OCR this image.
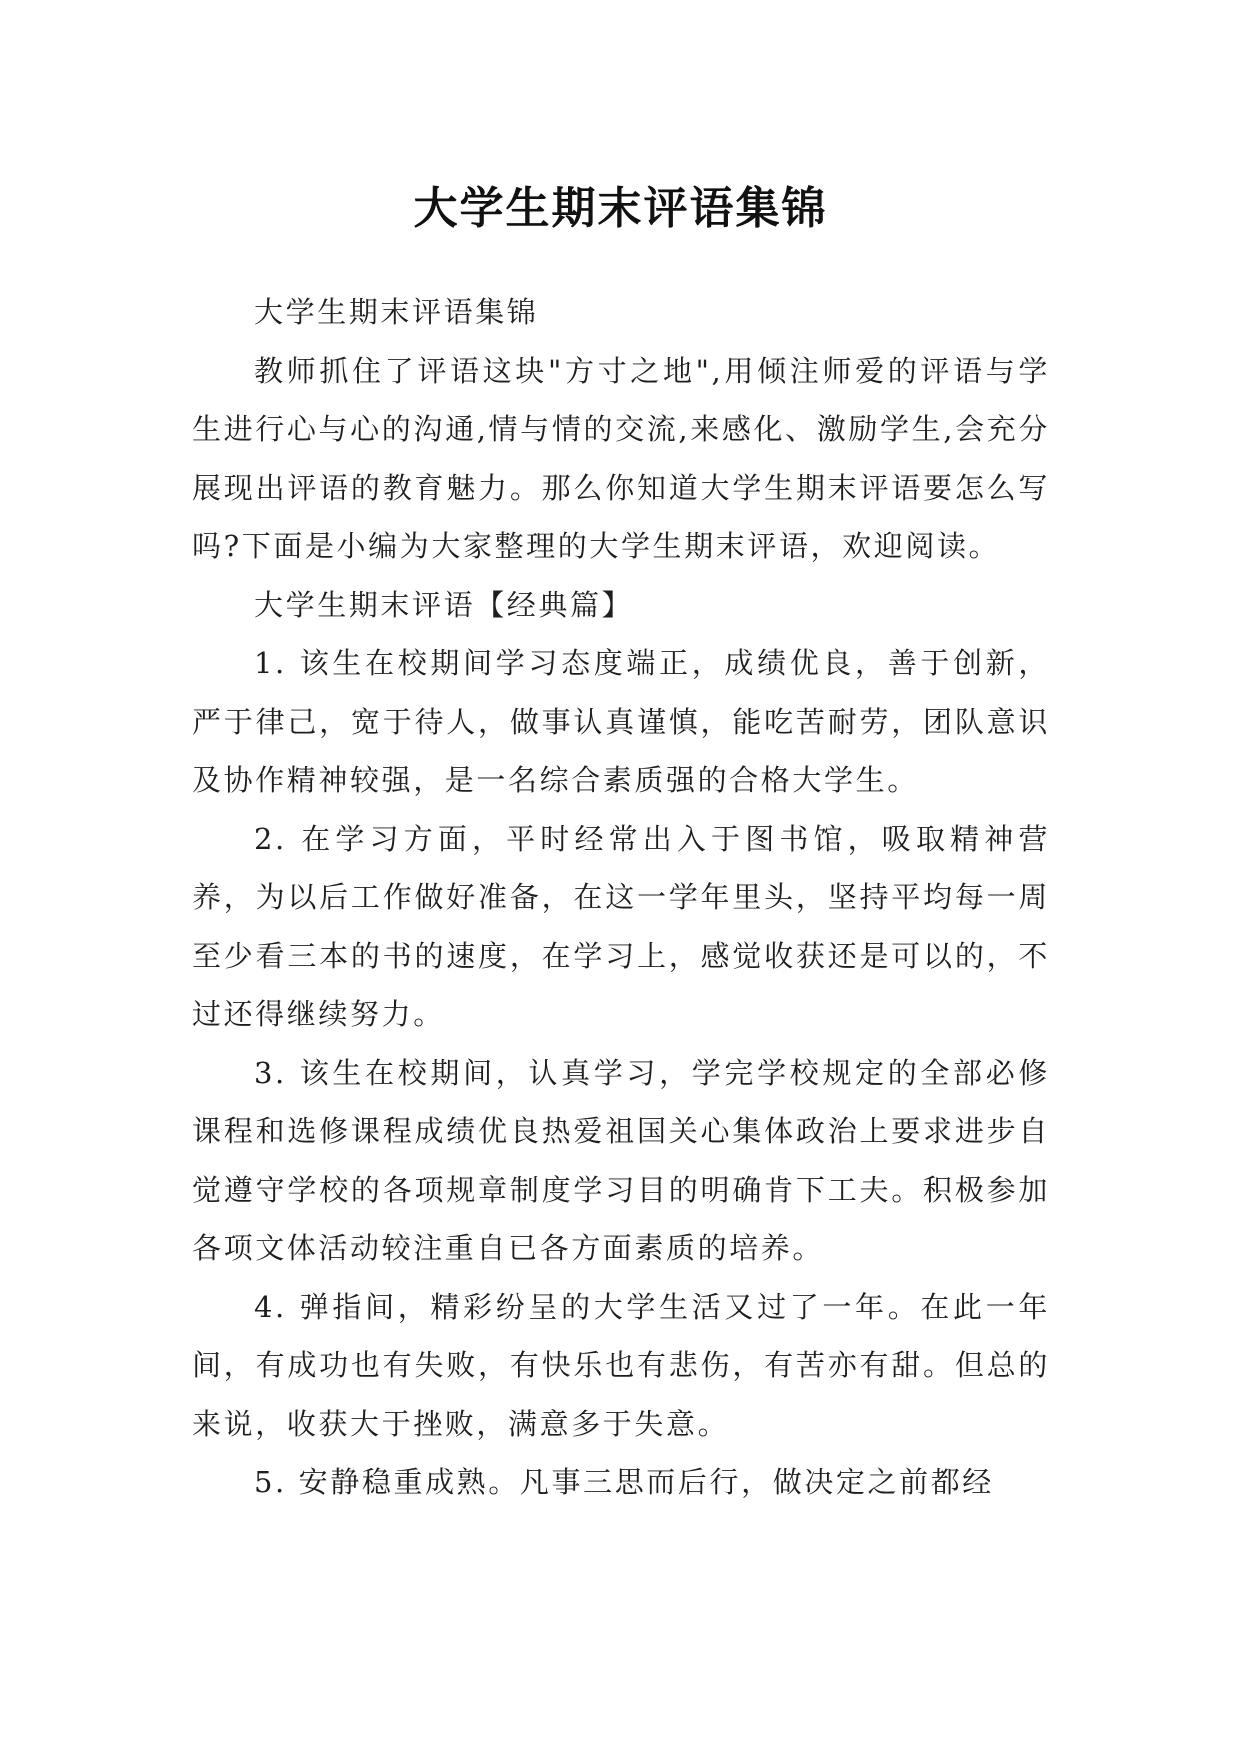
大学生期末评语集锦

大学生期末评语集锦

教师抓住了评语这块"方寸之地",用倾注师爱的评语与学生进行心与心的沟通,情与情的交流,来感化、激励学生,会充分展现出评语的教育魅力。那么你知道大学生期末评语要怎么写吗?下面是小编为大家整理的大学生期末评语，欢迎阅读。

大学生期末评语【经典篇】

1. 该生在校期间学习态度端正，成绩优良，善于创新，严于律己，宽于待人，做事认真谨慎，能吃苦耐劳，团队意识及协作精神较强，是一名综合素质强的合格大学生。

2. 在学习方面，平时经常出入于图书馆，吸取精神营养，为以后工作做好准备，在这一学年里头，坚持平均每一周至少看三本的书的速度，在学习上，感觉收获还是可以的，不过还得继续努力。

3. 该生在校期间，认真学习，学完学校规定的全部必修课程和选修课程成绩优良热爱祖国关心集体政治上要求进步自觉遵守学校的各项规章制度学习目的明确肯下工夫。积极参加各项文体活动较注重自已各方面素质的培养。

4. 弹指间，精彩纷呈的大学生活又过了一年。在此一年间，有成功也有失败，有快乐也有悲伤，有苦亦有甜。但总的来说，收获大于挫败，满意多于失意。

5. 安静稳重成熟。凡事三思而后行，做决定之前都经
